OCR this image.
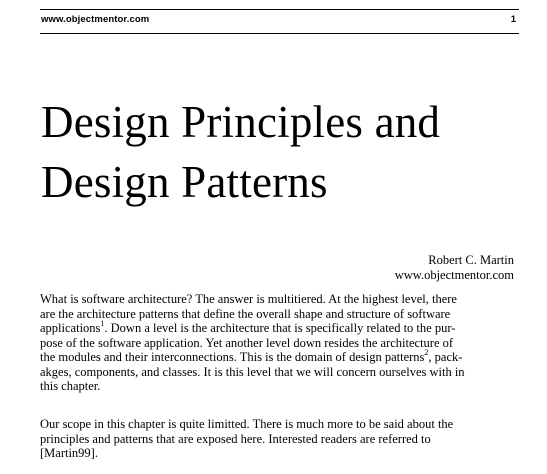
www.objectmentor.com	1
Design Principles and
Design Patterns
Robert C. Martin
www.objectmentor.com

What is software architecture? The answer is multitiered. At the highest level, there
are the architecture patterns that define the overall shape and structure of software
applications$^1$. Down a level is the architecture that is specifically related to the pur-
pose of the software application. Yet another level down resides the architecture of
the modules and their interconnections. This is the domain of design patterns$^2$, pack-
akges, components, and classes. It is this level that we will concern ourselves with in
this chapter.

Our scope in this chapter is quite limitted. There is much more to be said about the
principles and patterns that are exposed here. Interested readers are referred to
[Martin99].
